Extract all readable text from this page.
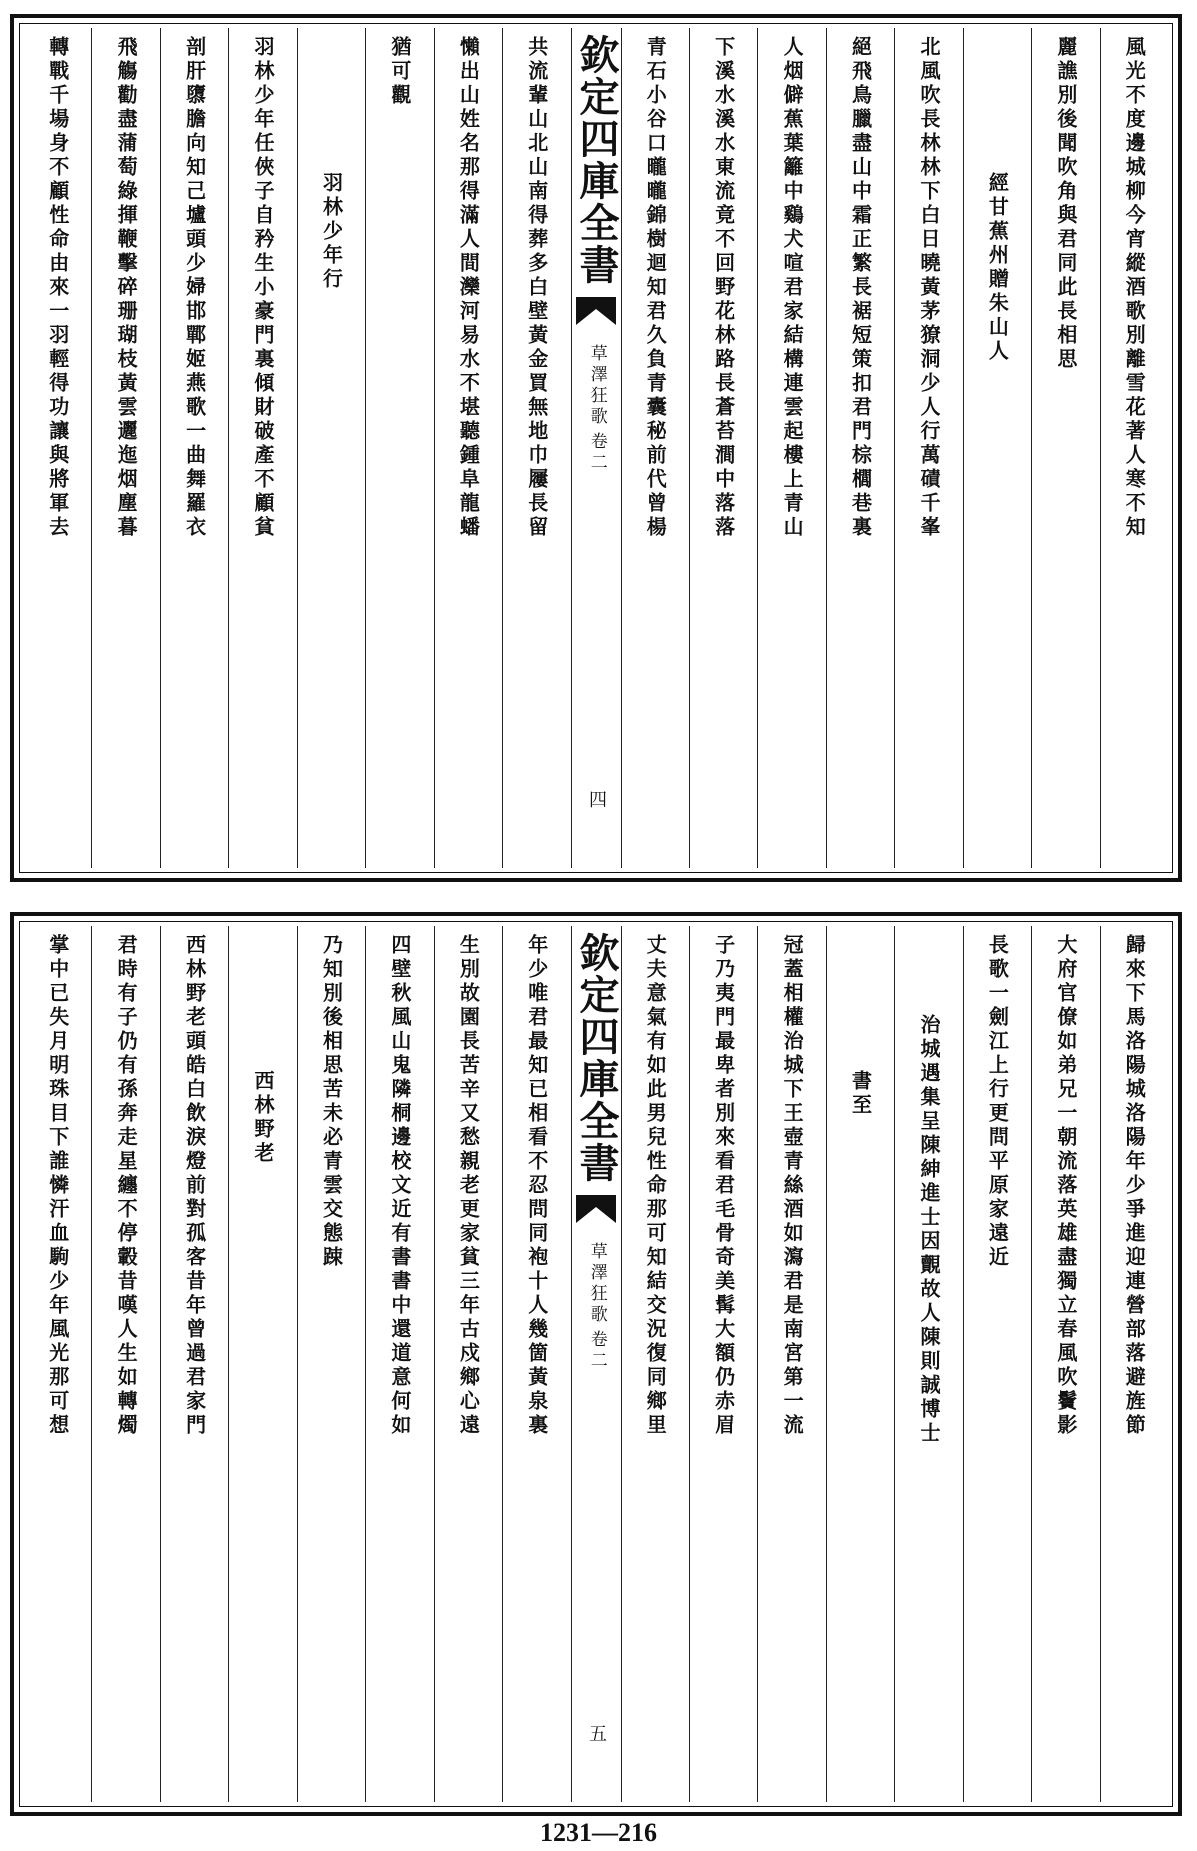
風光不度邊城柳今宵縱酒歌別離雪花著人寒不知
麗譙別後聞吹角與君同此長相思
經甘蕉州贈朱山人
北風吹長林林下白日曉黃茅獠洞少人行萬磧千峯
絕飛鳥臘盡山中霜正繁長裾短策扣君門棕櫚巷裏
人烟僻蕉葉籬中鷄犬喧君家結構連雲起樓上青山
下溪水溪水東流竟不回野花林路長蒼苔澗中落落
青石小谷口曨曨錦樹迴知君久負青囊秘前代曾楊
欽定四庫全書
草澤狂歌
卷二
四
共流輩山北山南得葬多白壁黃金買無地巾屨長留
懶出山姓名那得滿人間灤河易水不堪聽鍾阜龍蟠
猶可觀
羽林少年行
羽林少年任俠子自矜生小豪門裏傾財破產不顧貧
剖肝隳膽向知己壚頭少婦邯鄲姬燕歌一曲舞羅衣
飛觴勸盡蒲萄綠揮鞭擊碎珊瑚枝黃雲邐迤烟塵暮
轉戰千場身不顧性命由來一羽輕得功讓與將軍去
歸來下馬洛陽城洛陽年少爭進迎連營部落避旌節
大府官僚如弟兄一朝流落英雄盡獨立春風吹鬢影
長歌一劍江上行更問平原家遠近
治城遇集呈陳紳進士因覿故人陳則誠博士
書至
冠蓋相權治城下王壺青絲酒如瀉君是南宮第一流
子乃夷門最卑者別來看君毛骨奇美髯大額仍赤眉
丈夫意氣有如此男兒性命那可知結交況復同鄉里
欽定四庫全書
草澤狂歌
卷二
五
年少唯君最知已相看不忍問同袍十人幾箇黃泉裏
生別故園長苦辛又愁親老更家貧三年古戍鄉心遠
四壁秋風山鬼隣桐邊校文近有書書中還道意何如
乃知別後相思苦未必青雲交態踈
西林野老
西林野老頭皓白飲淚燈前對孤客昔年曾過君家門
君時有子仍有孫奔走星纏不停轂昔嘆人生如轉燭
掌中已失月明珠目下誰憐汗血駒少年風光那可想
1231—216
